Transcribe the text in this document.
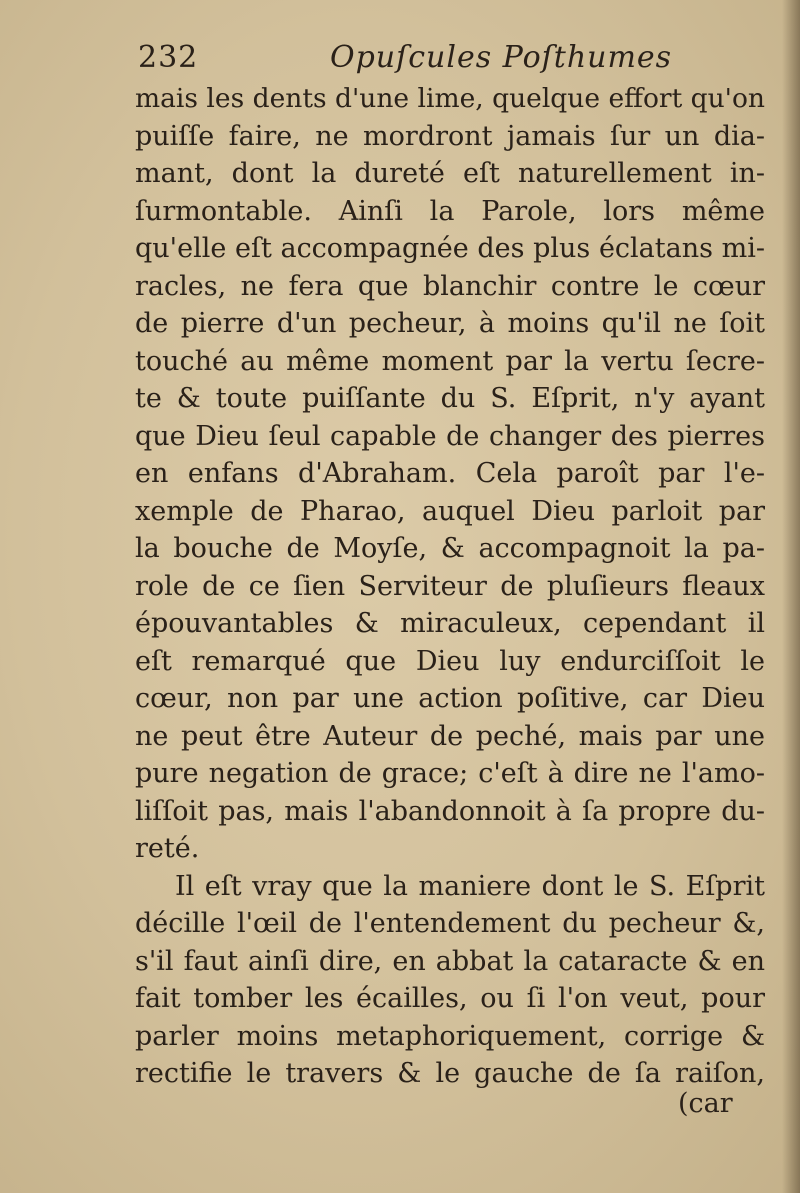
232	Opuſcules Poſthumes
mais les dents d'une lime, quelque effort qu'on
puiſſe faire, ne mordront jamais ſur un dia-
mant, dont la dureté eſt naturellement in-
ſurmontable. Ainſi la Parole, lors même
qu'elle eſt accompagnée des plus éclatans mi-
racles, ne fera que blanchir contre le cœur
de pierre d'un pecheur, à moins qu'il ne ſoit
touché au même moment par la vertu ſecre-
te & toute puiſſante du S. Eſprit, n'y ayant
que Dieu ſeul capable de changer des pierres
en enfans d'Abraham. Cela paroît par l'e-
xemple de Pharao, auquel Dieu parloit par
la bouche de Moyſe, & accompagnoit la pa-
role de ce ſien Serviteur de pluſieurs fleaux
épouvantables & miraculeux, cependant il
eſt remarqué que Dieu luy endurciſſoit le
cœur, non par une action poſitive, car Dieu
ne peut être Auteur de peché, mais par une
pure negation de grace; c'eſt à dire ne l'amo-
liſſoit pas, mais l'abandonnoit à ſa propre du-
reté.
Il eſt vray que la maniere dont le S. Eſprit
décille l'œil de l'entendement du pecheur &,
s'il faut ainſi dire, en abbat la cataracte & en
fait tomber les écailles, ou ſi l'on veut, pour
parler moins metaphoriquement, corrige &
rectifie le travers & le gauche de ſa raiſon,
(car
